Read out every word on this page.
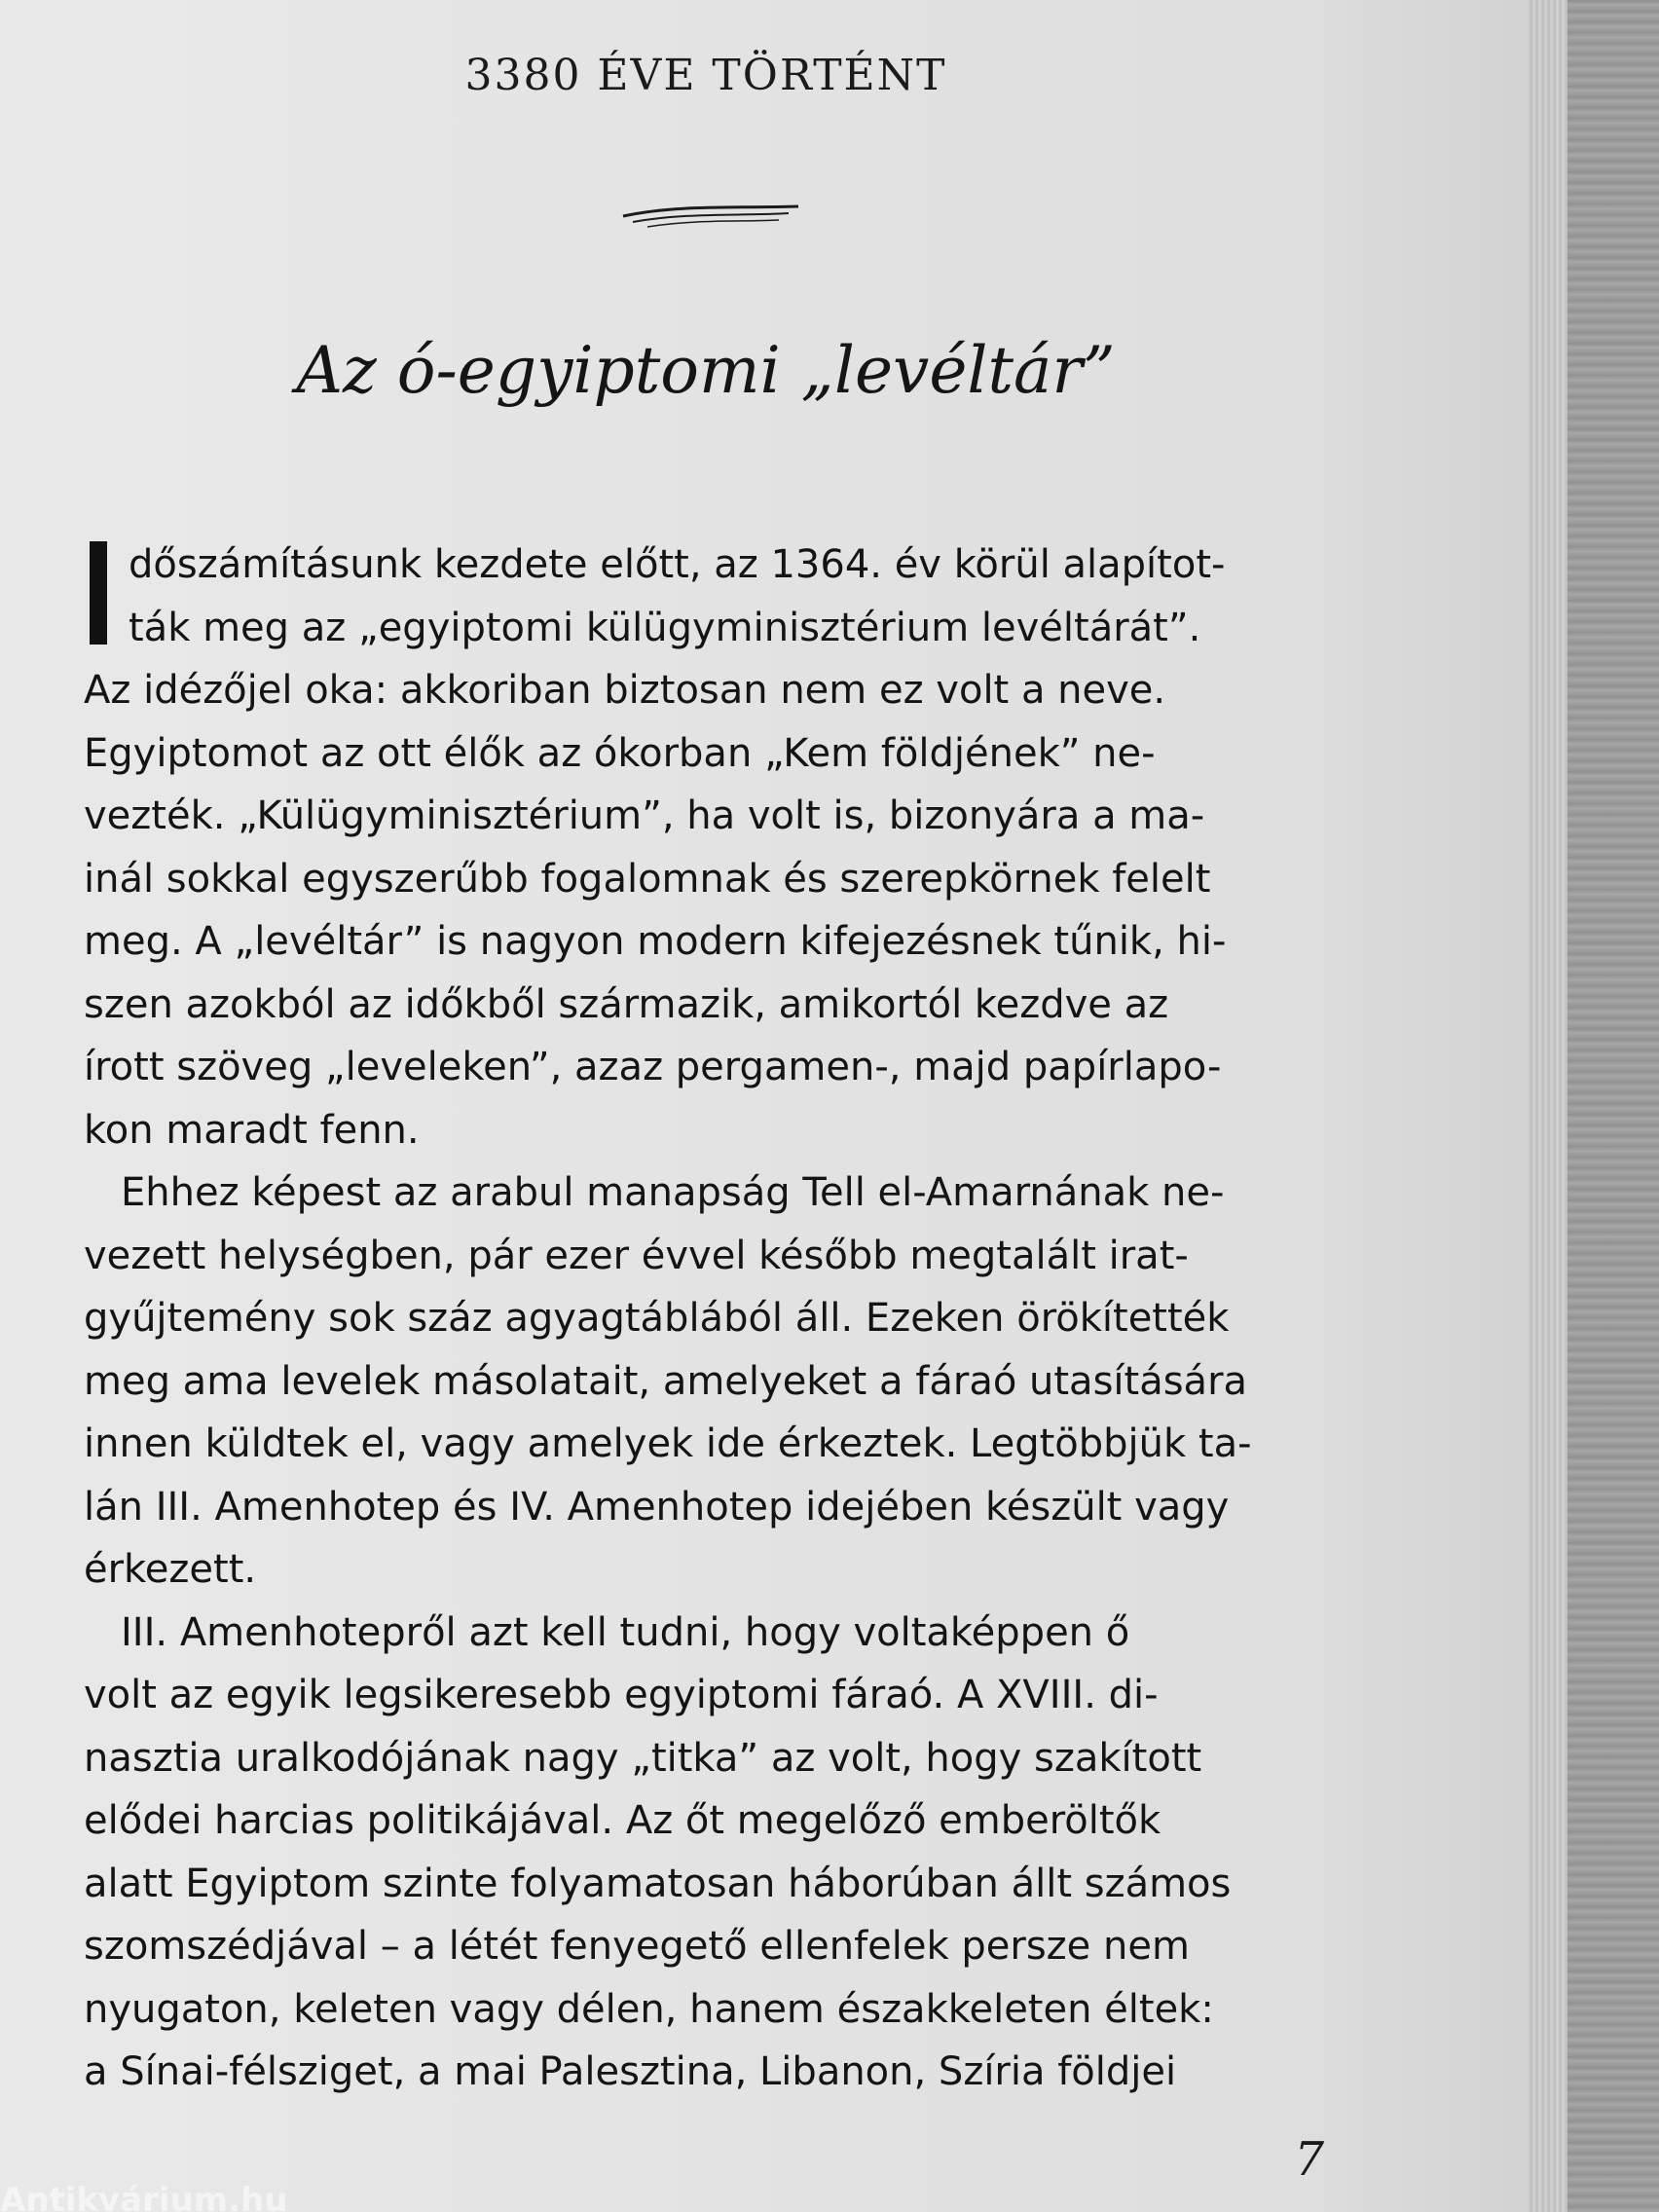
3380 ÉVE TÖRTÉNT
Az ó-egyiptomi „levéltár”
dőszámításunk kezdete előtt, az 1364. év körül alapítot-
ták meg az „egyiptomi külügyminisztérium levéltárát”.
Az idézőjel oka: akkoriban biztosan nem ez volt a neve.
Egyiptomot az ott élők az ókorban „Kem földjének” ne-
vezték. „Külügyminisztérium”, ha volt is, bizonyára a ma-
inál sokkal egyszerűbb fogalomnak és szerepkörnek felelt
meg. A „levéltár” is nagyon modern kifejezésnek tűnik, hi-
szen azokból az időkből származik, amikortól kezdve az
írott szöveg „leveleken”, azaz pergamen-, majd papírlapo-
kon maradt fenn.
Ehhez képest az arabul manapság Tell el-Amarnának ne-
vezett helységben, pár ezer évvel később megtalált irat-
gyűjtemény sok száz agyagtáblából áll. Ezeken örökítették
meg ama levelek másolatait, amelyeket a fáraó utasítására
innen küldtek el, vagy amelyek ide érkeztek. Legtöbbjük ta-
lán III. Amenhotep és IV. Amenhotep idejében készült vagy
érkezett.
III. Amenhotepről azt kell tudni, hogy voltaképpen ő
volt az egyik legsikeresebb egyiptomi fáraó. A XVIII. di-
nasztia uralkodójának nagy „titka” az volt, hogy szakított
elődei harcias politikájával. Az őt megelőző emberöltők
alatt Egyiptom szinte folyamatosan háborúban állt számos
szomszédjával – a létét fenyegető ellenfelek persze nem
nyugaton, keleten vagy délen, hanem északkeleten éltek:
a Sínai-félsziget, a mai Palesztina, Libanon, Szíria földjei
7
Antikvárium.hu
